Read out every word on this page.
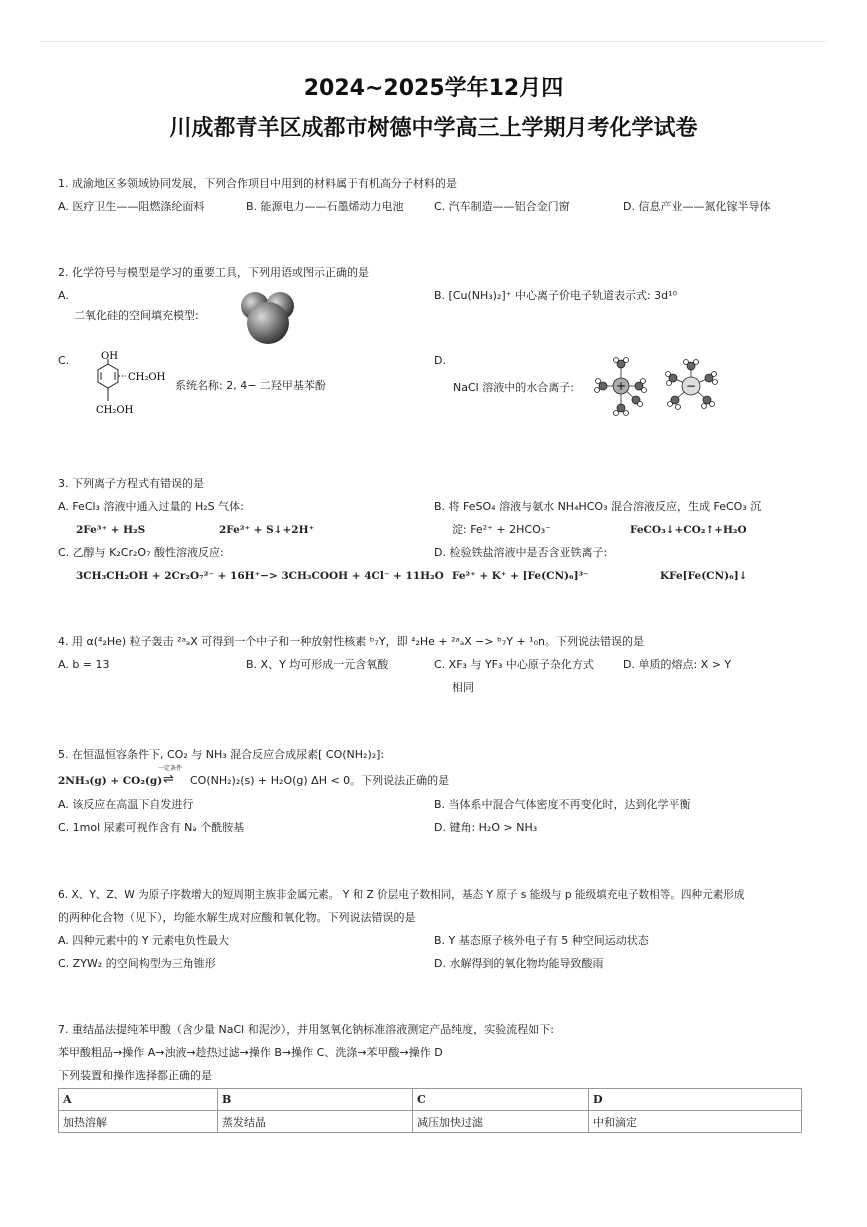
2024~2025学年12月四
川成都青羊区成都市树德中学高三上学期月考化学试卷
1. 成渝地区多领域协同发展，下列合作项目中用到的材料属于有机高分子材料的是
A. 医疗卫生——阻燃涤纶面料	B. 能源电力——石墨烯动力电池	C. 汽车制造——铝合金门窗	D. 信息产业——氮化镓半导体
2. 化学符号与模型是学习的重要工具，下列用语或图示正确的是
A.
二氧化硅的空间填充模型:
B. [Cu(NH₃)₂]⁺ 中心离子价电子轨道表示式: 3d¹⁰
C.	OH
CH₂OH
CH₂OH
系统名称: 2, 4− 二羟甲基苯酚
D.
NaCl 溶液中的水合离子:	+	−
3. 下列离子方程式有错误的是
A. FeCl₃ 溶液中通入过量的 H₂S 气体:
2Fe³⁺ + H₂S	2Fe²⁺ + S↓+2H⁺
B. 将 FeSO₄ 溶液与氨水 NH₄HCO₃ 混合溶液反应，生成 FeCO₃ 沉
淀: Fe²⁺ + 2HCO₃⁻	FeCO₃↓+CO₂↑+H₂O
C. 乙醇与 K₂Cr₂O₇ 酸性溶液反应:
3CH₃CH₂OH + 2Cr₂O₇²⁻ + 16H⁺−> 3CH₃COOH + 4Cl⁻ + 11H₂O
D. 检验铁盐溶液中是否含亚铁离子:
Fe²⁺ + K⁺ + [Fe(CN)₆]³⁻	KFe[Fe(CN)₆]↓
4. 用 α(⁴₂He) 粒子轰击 ²ᵃₐX 可得到一个中子和一种放射性核素 ᵇ₇Y，即 ⁴₂He + ²ᵃₐX −> ᵇ₇Y + ¹₀n。下列说法错误的是
A. b = 13	B. X、Y 均可形成一元含氧酸	C. XF₃ 与 YF₃ 中心原子杂化方式
相同
D. 单质的熔点: X > Y
5. 在恒温恒容条件下, CO₂ 与 NH₃ 混合反应合成尿素[ CO(NH₂)₂]:
2NH₃(g) + CO₂(g)
一定条件
⇌ CO(NH₂)₂(s) + H₂O(g) ΔH < 0。下列说法正确的是
A. 该反应在高温下自发进行	B. 当体系中混合气体密度不再变化时，达到化学平衡
C. 1mol 尿素可视作含有 Nₐ 个酰胺基	D. 键角: H₂O > NH₃
6. X、Y、Z、W 为原子序数增大的短周期主族非金属元素。 Y 和 Z 价层电子数相同，基态 Y 原子 s 能级与 p 能级填充电子数相等。四种元素形成
的两种化合物（见下），均能水解生成对应酸和氧化物。下列说法错误的是
A. 四种元素中的 Y 元素电负性最大	B. Y 基态原子核外电子有 5 种空间运动状态
C. ZYW₂ 的空间构型为三角锥形	D. 水解得到的氧化物均能导致酸雨
7. 重结晶法提纯苯甲酸（含少量 NaCl 和泥沙），并用氢氧化钠标准溶液测定产品纯度，实验流程如下:
苯甲酸粗品→操作 A→浊液→趁热过滤→操作 B→操作 C、洗涤→苯甲酸→操作 D
下列装置和操作选择都正确的是
A	B	C	D
加热溶解	蒸发结晶	减压加快过滤	中和滴定
